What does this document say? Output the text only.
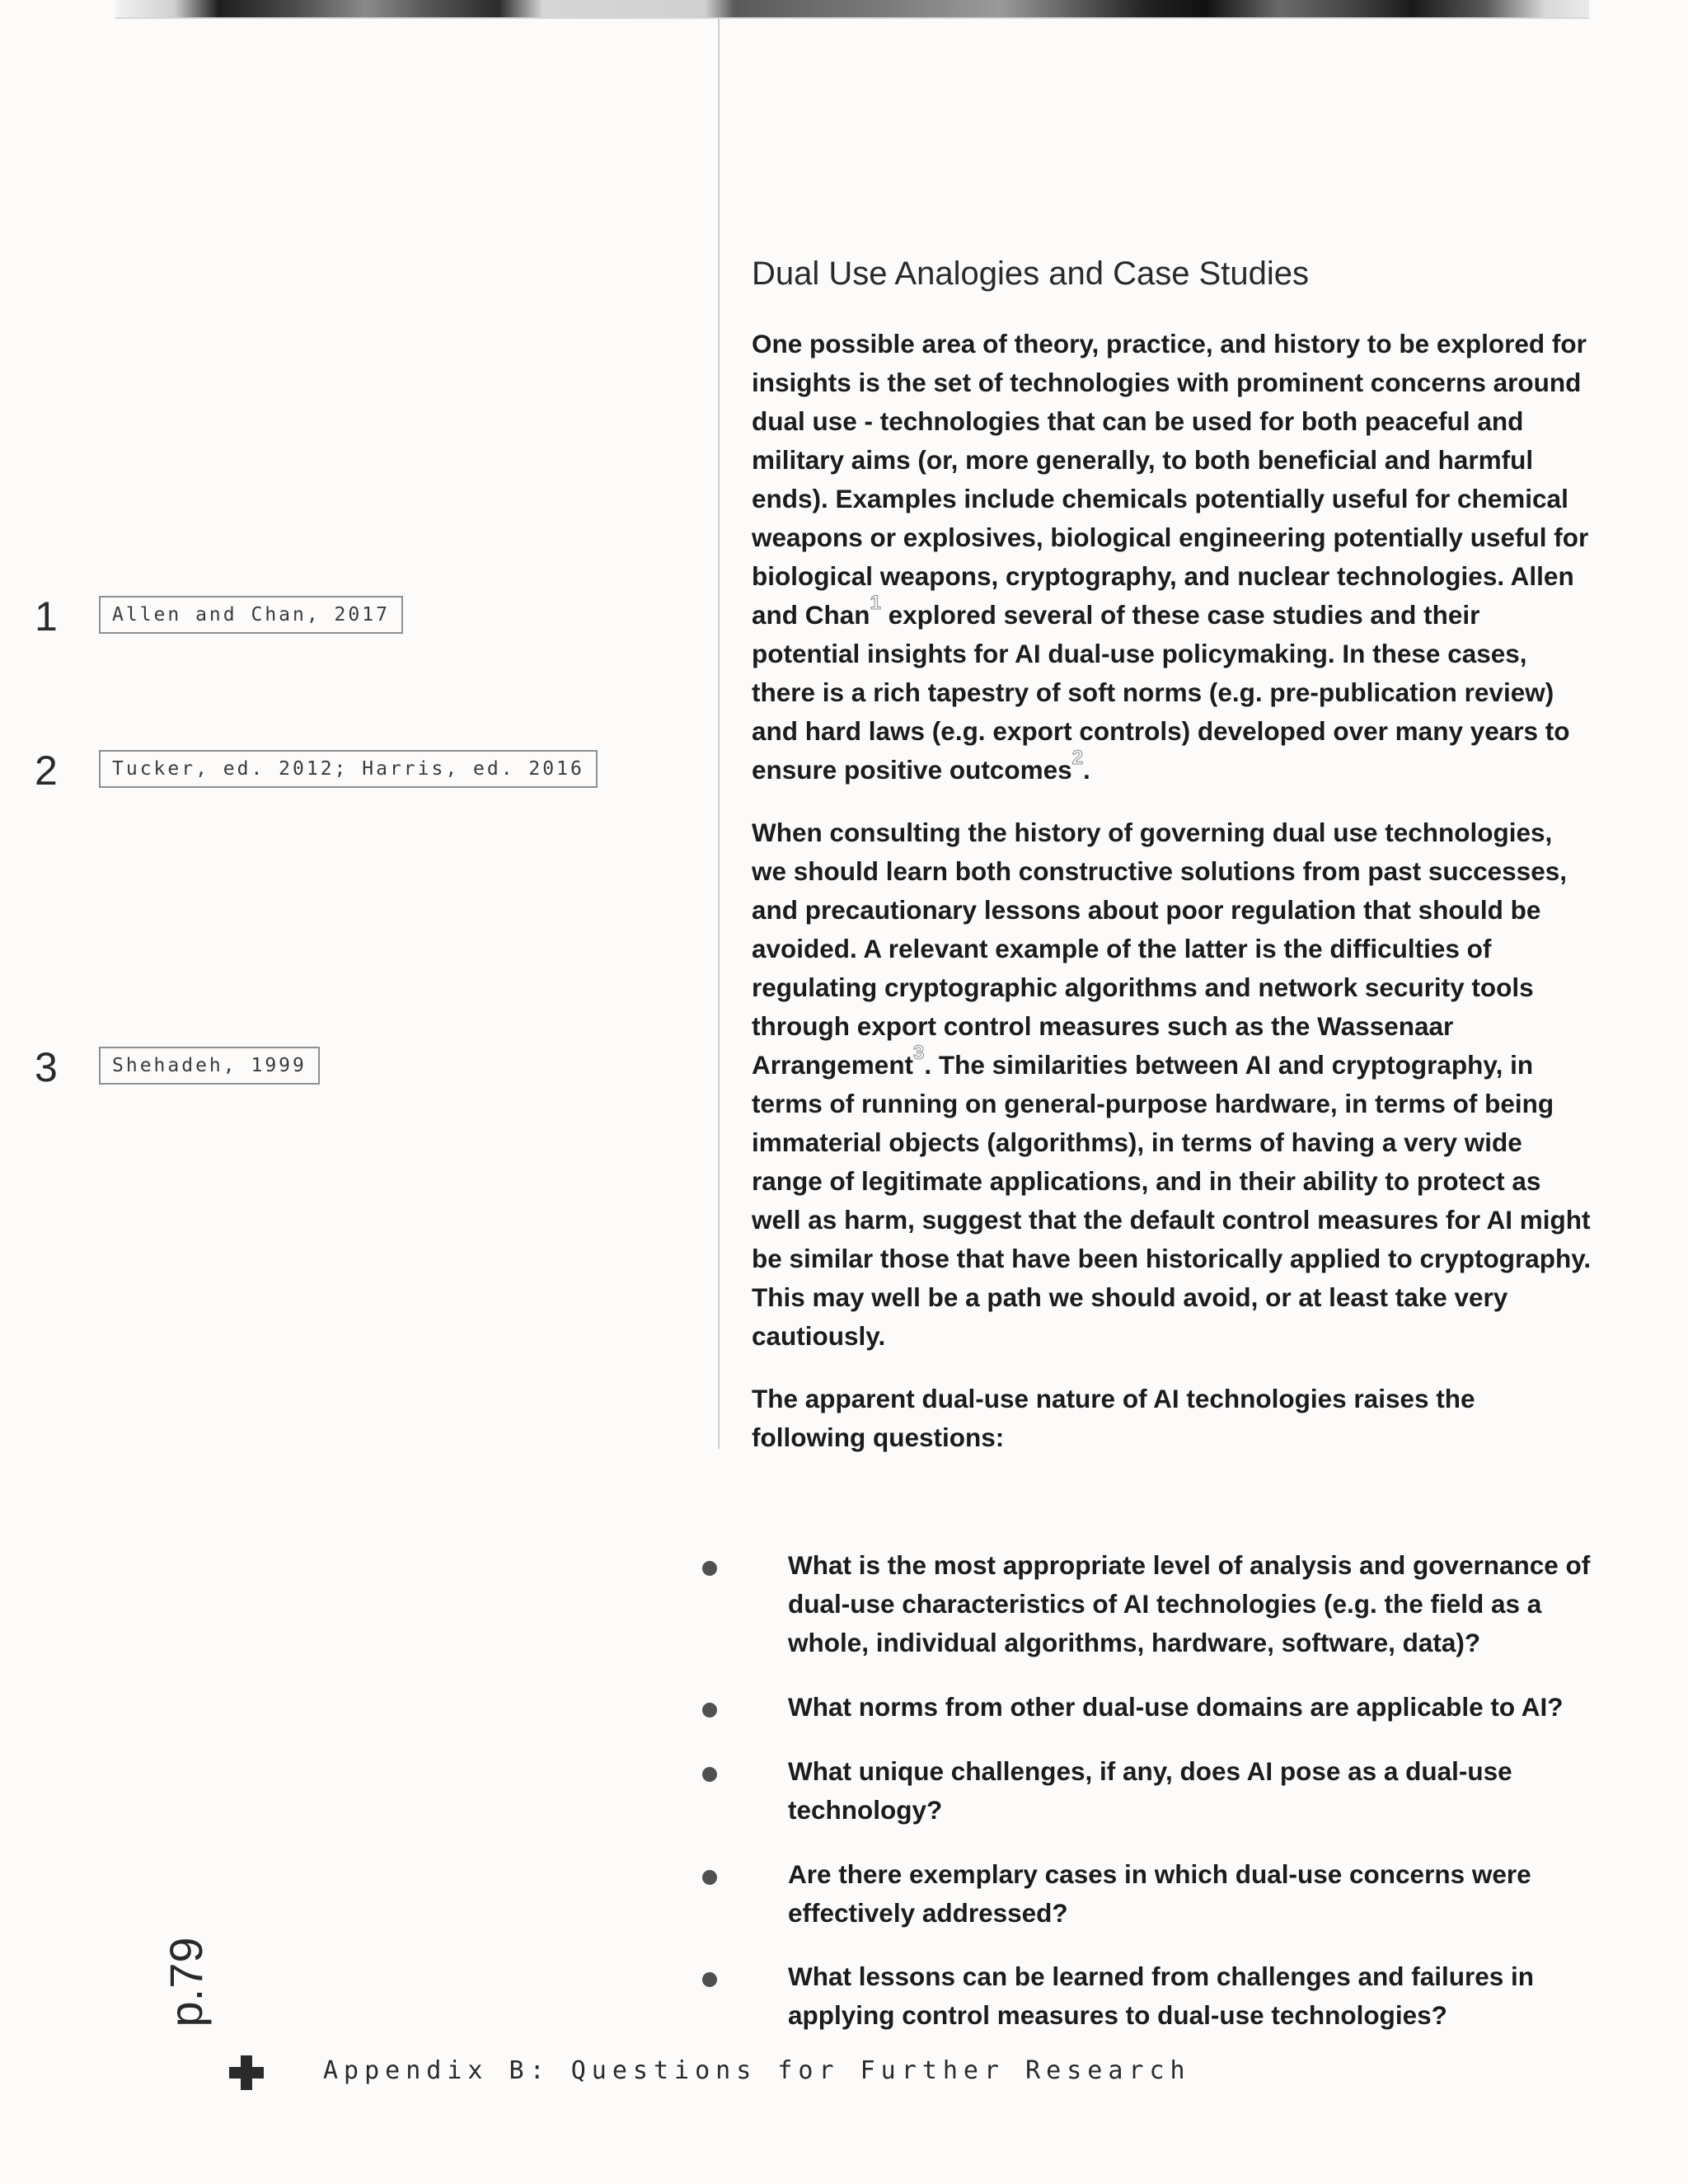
Dual Use Analogies and Case Studies

One possible area of theory, practice, and history to be explored for insights is the set of technologies with prominent concerns around dual use - technologies that can be used for both peaceful and military aims (or, more generally, to both beneficial and harmful ends). Examples include chemicals potentially useful for chemical weapons or explosives, biological engineering potentially useful for biological weapons, cryptography, and nuclear technologies. Allen and Chan$^1$ explored several of these case studies and their potential insights for AI dual-use policymaking. In these cases, there is a rich tapestry of soft norms (e.g. pre-publication review) and hard laws (e.g. export controls) developed over many years to ensure positive outcomes$^2$.

When consulting the history of governing dual use technologies, we should learn both constructive solutions from past successes, and precautionary lessons about poor regulation that should be avoided. A relevant example of the latter is the difficulties of regulating cryptographic algorithms and network security tools through export control measures such as the Wassenaar Arrangement$^3$. The similarities between AI and cryptography, in terms of running on general-purpose hardware, in terms of being immaterial objects (algorithms), in terms of having a very wide range of legitimate applications, and in their ability to protect as well as harm, suggest that the default control measures for AI might be similar those that have been historically applied to cryptography. This may well be a path we should avoid, or at least take very cautiously.

The apparent dual-use nature of AI technologies raises the following questions:

1	Allen and Chan, 2017
2	Tucker, ed. 2012; Harris, ed. 2016
3	Shehadeh, 1999

What is the most appropriate level of analysis and governance of dual-use characteristics of AI technologies (e.g. the field as a whole, individual algorithms, hardware, software, data)?

What norms from other dual-use domains are applicable to AI?

What unique challenges, if any, does AI pose as a dual-use technology?

Are there exemplary cases in which dual-use concerns were effectively addressed?

What lessons can be learned from challenges and failures in applying control measures to dual-use technologies?

p.79
Appendix B: Questions for Further Research
